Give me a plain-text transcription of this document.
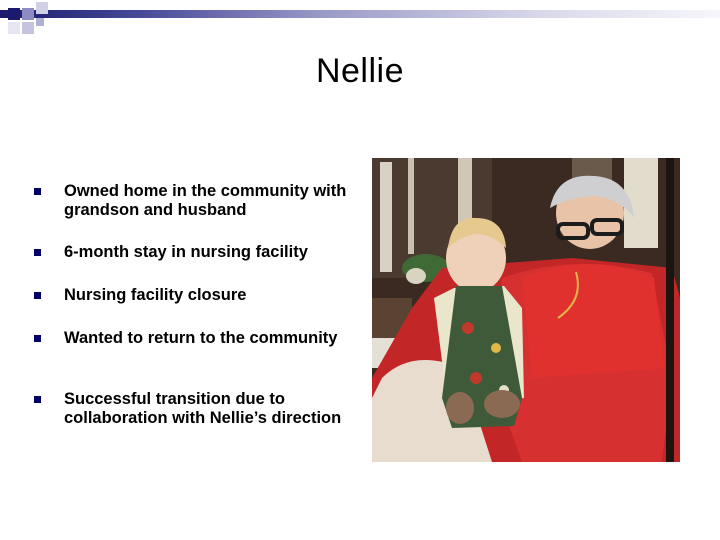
Nellie
Owned home in the community with grandson and husband
6-month stay in nursing facility
Nursing facility closure
Wanted to return to the community
Successful transition due to collaboration with Nellie’s direction
